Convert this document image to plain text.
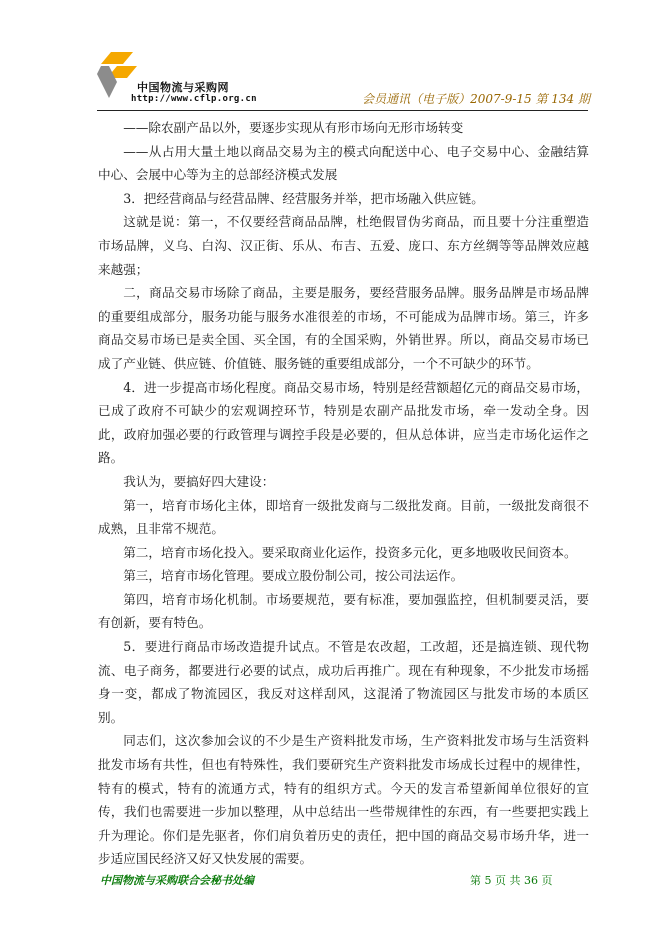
中国物流与采购网
http://www.cflp.org.cn	会员通讯（电子版）2007-9-15 第 134 期

——除农副产品以外，要逐步实现从有形市场向无形市场转变

——从占用大量土地以商品交易为主的模式向配送中心、电子交易中心、金融结算中心、会展中心等为主的总部经济模式发展

3．把经营商品与经营品牌、经营服务并举，把市场融入供应链。

这就是说：第一，不仅要经营商品品牌，杜绝假冒伪劣商品，而且要十分注重塑造市场品牌，义乌、白沟、汉正街、乐从、布吉、五爱、庞口、东方丝绸等等品牌效应越来越强；

二，商品交易市场除了商品，主要是服务，要经营服务品牌。服务品牌是市场品牌的重要组成部分，服务功能与服务水准很差的市场，不可能成为品牌市场。第三，许多商品交易市场已是卖全国、买全国，有的全国采购，外销世界。所以，商品交易市场已成了产业链、供应链、价值链、服务链的重要组成部分，一个不可缺少的环节。

4．进一步提高市场化程度。商品交易市场，特别是经营额超亿元的商品交易市场，已成了政府不可缺少的宏观调控环节，特别是农副产品批发市场，牵一发动全身。因此，政府加强必要的行政管理与调控手段是必要的，但从总体讲，应当走市场化运作之路。

我认为，要搞好四大建设：

第一，培育市场化主体，即培育一级批发商与二级批发商。目前，一级批发商很不成熟，且非常不规范。

第二，培育市场化投入。要采取商业化运作，投资多元化，更多地吸收民间资本。

第三，培育市场化管理。要成立股份制公司，按公司法运作。

第四，培育市场化机制。市场要规范，要有标准，要加强监控，但机制要灵活，要有创新，要有特色。

5．要进行商品市场改造提升试点。不管是农改超，工改超，还是搞连锁、现代物流、电子商务，都要进行必要的试点，成功后再推广。现在有种现象，不少批发市场摇身一变，都成了物流园区，我反对这样刮风，这混淆了物流园区与批发市场的本质区别。

同志们，这次参加会议的不少是生产资料批发市场，生产资料批发市场与生活资料批发市场有共性，但也有特殊性，我们要研究生产资料批发市场成长过程中的规律性，特有的模式，特有的流通方式，特有的组织方式。今天的发言希望新闻单位很好的宣传，我们也需要进一步加以整理，从中总结出一些带规律性的东西，有一些要把实践上升为理论。你们是先驱者，你们肩负着历史的责任，把中国的商品交易市场升华，进一步适应国民经济又好又快发展的需要。

中国物流与采购联合会秘书处编	第 5 页 共 36 页
